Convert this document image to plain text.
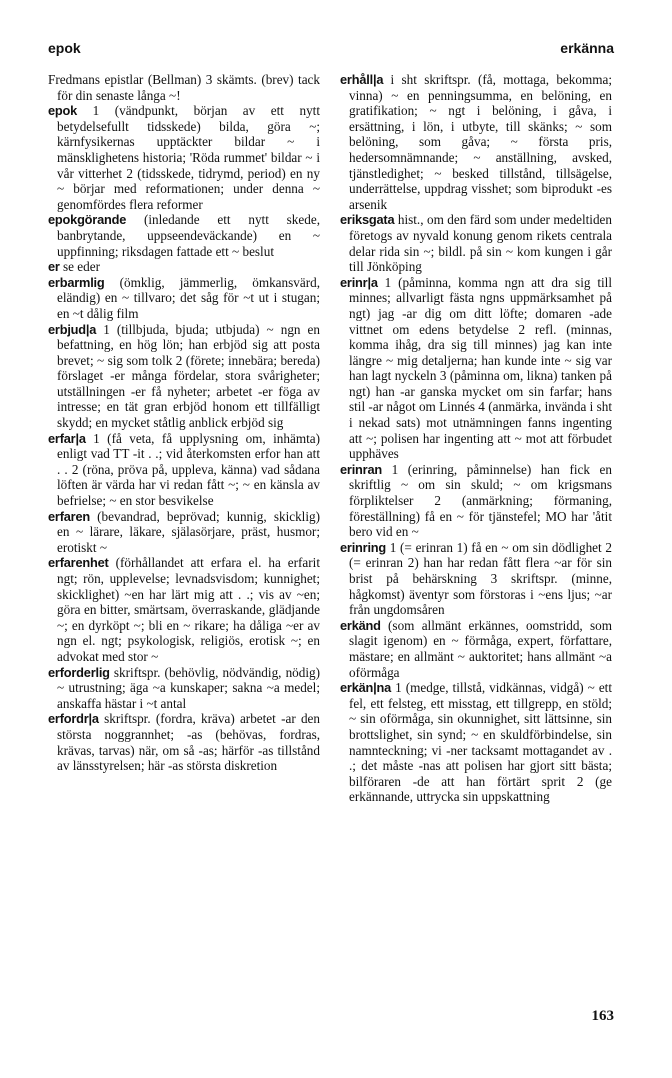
epok	erkänna

Fredmans epistlar (Bellman) 3 skämts. (brev) tack för din senaste långa ~!

epok 1 (vändpunkt, början av ett nytt betydelsefullt tidsskede) bilda, göra ~; kärnfysikernas upptäckter bildar ~ i mänsklighetens historia; 'Röda rummet' bildar ~ i vår vitterhet 2 (tidsskede, tidrymd, period) en ny ~ börjar med reformationen; under denna ~ genomfördes flera reformer

epokgörande (inledande ett nytt skede, banbrytande, uppseendeväckande) en ~ uppfinning; riksdagen fattade ett ~ beslut

er se eder

erbarmlig (ömklig, jämmerlig, ömkansvärd, eländig) en ~ tillvaro; det såg för ~t ut i stugan; en ~t dålig film

erbjud|a 1 (tillbjuda, bjuda; utbjuda) ~ ngn en befattning, en hög lön; han erbjöd sig att posta brevet; ~ sig som tolk 2 (förete; innebära; bereda) förslaget -er många fördelar, stora svårigheter; utställningen -er få nyheter; arbetet -er föga av intresse; en tät gran erbjöd honom ett tillfälligt skydd; en mycket ståtlig anblick erbjöd sig

erfar|a 1 (få veta, få upplysning om, inhämta) enligt vad TT -it . .; vid återkomsten erfor han att . . 2 (röna, pröva på, uppleva, känna) vad sådana löften är värda har vi redan fått ~; ~ en känsla av befrielse; ~ en stor besvikelse

erfaren (bevandrad, beprövad; kunnig, skicklig) en ~ lärare, läkare, själasörjare, präst, husmor; erotiskt ~

erfarenhet (förhållandet att erfara el. ha erfarit ngt; rön, upplevelse; levnadsvisdom; kunnighet; skicklighet) ~en har lärt mig att . .; vis av ~en; göra en bitter, smärtsam, överraskande, glädjande ~; en dyrköpt ~; bli en ~ rikare; ha dåliga ~er av ngn el. ngt; psykologisk, religiös, erotisk ~; en advokat med stor ~

erforderlig skriftspr. (behövlig, nödvändig, nödig) ~ utrustning; äga ~a kunskaper; sakna ~a medel; anskaffa hästar i ~t antal

erfordr|a skriftspr. (fordra, kräva) arbetet -ar den största noggrannhet; -as (behövas, fordras, krävas, tarvas) när, om så -as; härför -as tillstånd av länsstyrelsen; här -as största diskretion

erhåll|a i sht skriftspr. (få, mottaga, bekomma; vinna) ~ en penningsumma, en belöning, en gratifikation; ~ ngt i belöning, i gåva, i ersättning, i lön, i utbyte, till skänks; ~ som belöning, som gåva; ~ första pris, hedersomnämnande; ~ anställning, avsked, tjänstledighet; ~ besked tillstånd, tillsägelse, underrättelse, uppdrag visshet; som biprodukt -es arsenik

eriksgata hist., om den färd som under medeltiden företogs av nyvald konung genom rikets centrala delar rida sin ~; bildl. på sin ~ kom kungen i går till Jönköping

erinr|a 1 (påminna, komma ngn att dra sig till minnes; allvarligt fästa ngns uppmärksamhet på ngt) jag -ar dig om ditt löfte; domaren -ade vittnet om edens betydelse 2 refl. (minnas, komma ihåg, dra sig till minnes) jag kan inte längre ~ mig detaljerna; han kunde inte ~ sig var han lagt nyckeln 3 (påminna om, likna) tanken på ngt) han -ar ganska mycket om sin farfar; hans stil -ar något om Linnés 4 (anmärka, invända i sht i nekad sats) mot utnämningen fanns ingenting att ~; polisen har ingenting att ~ mot att förbudet upphäves

erinran 1 (erinring, påminnelse) han fick en skriftlig ~ om sin skuld; ~ om krigsmans förpliktelser 2 (anmärkning; förmaning, föreställning) få en ~ för tjänstefel; MO har 'åtit bero vid en ~

erinring 1 (= erinran 1) få en ~ om sin dödlighet 2 (= erinran 2) han har redan fått flera ~ar för sin brist på behärskning 3 skriftspr. (minne, hågkomst) äventyr som förstoras i ~ens ljus; ~ar från ungdomsåren

erkänd (som allmänt erkännes, oomstridd, som slagit igenom) en ~ förmåga, expert, författare, mästare; en allmänt ~ auktoritet; hans allmänt ~a oförmåga

erkän|na 1 (medge, tillstå, vidkännas, vidgå) ~ ett fel, ett felsteg, ett misstag, ett tillgrepp, en stöld; ~ sin oförmåga, sin okunnighet, sitt lättsinne, sin brottslighet, sin synd; ~ en skuldförbindelse, sin namnteckning; vi -ner tacksamt mottagandet av . .; det måste -nas att polisen har gjort sitt bästa; bilföraren -de att han förtärt sprit 2 (ge erkännande, uttrycka sin uppskattning

163
